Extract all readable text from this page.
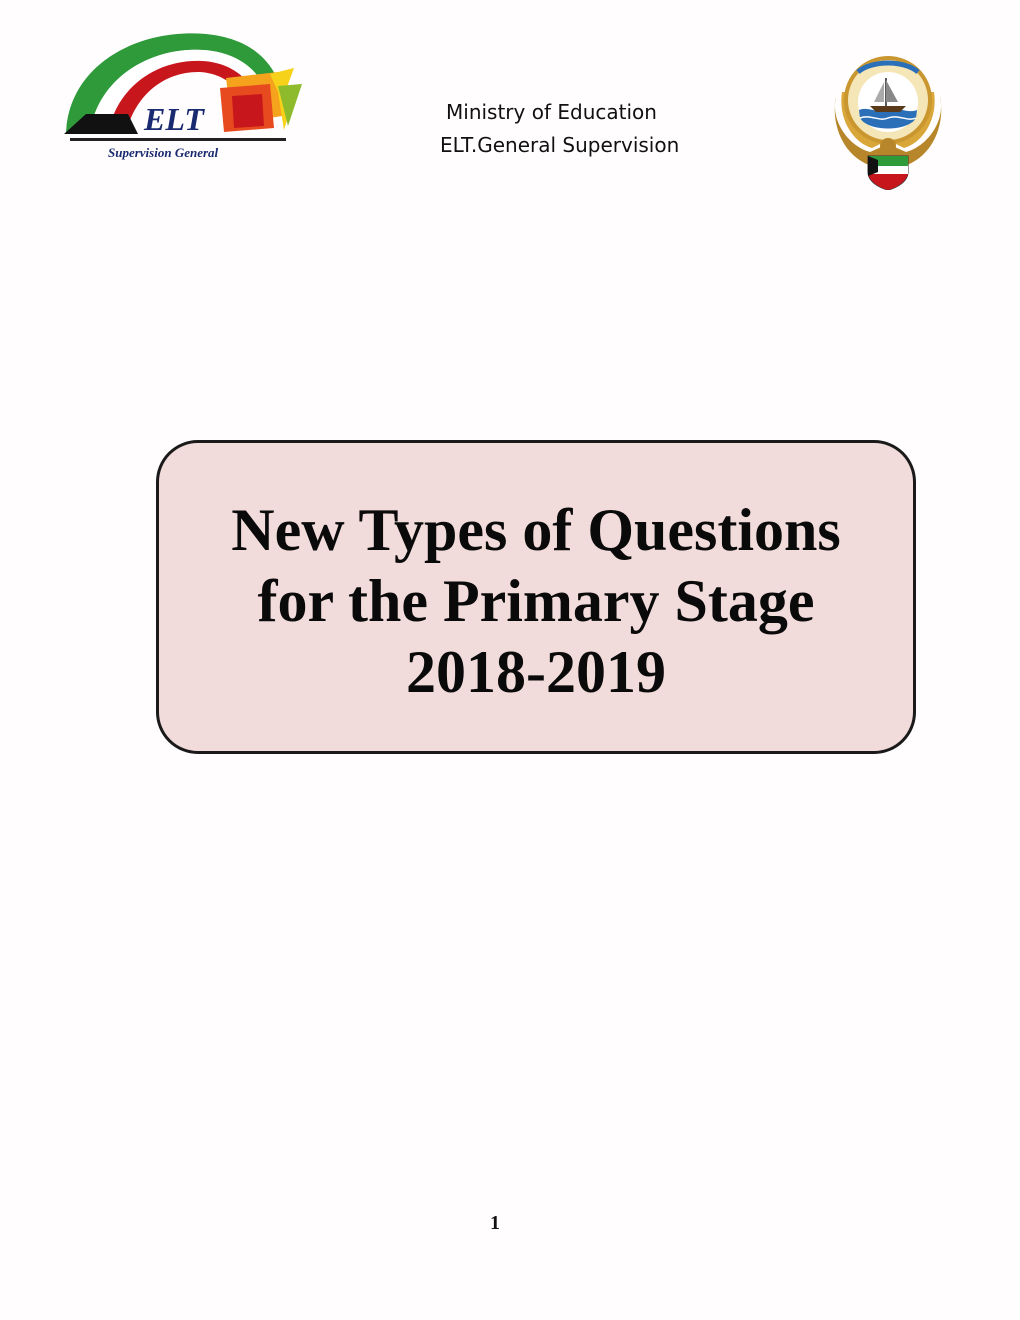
ELT
Supervision General
Ministry of Education
ELT.General Supervision
New Types of Questions
for the Primary Stage
2018-2019
1
